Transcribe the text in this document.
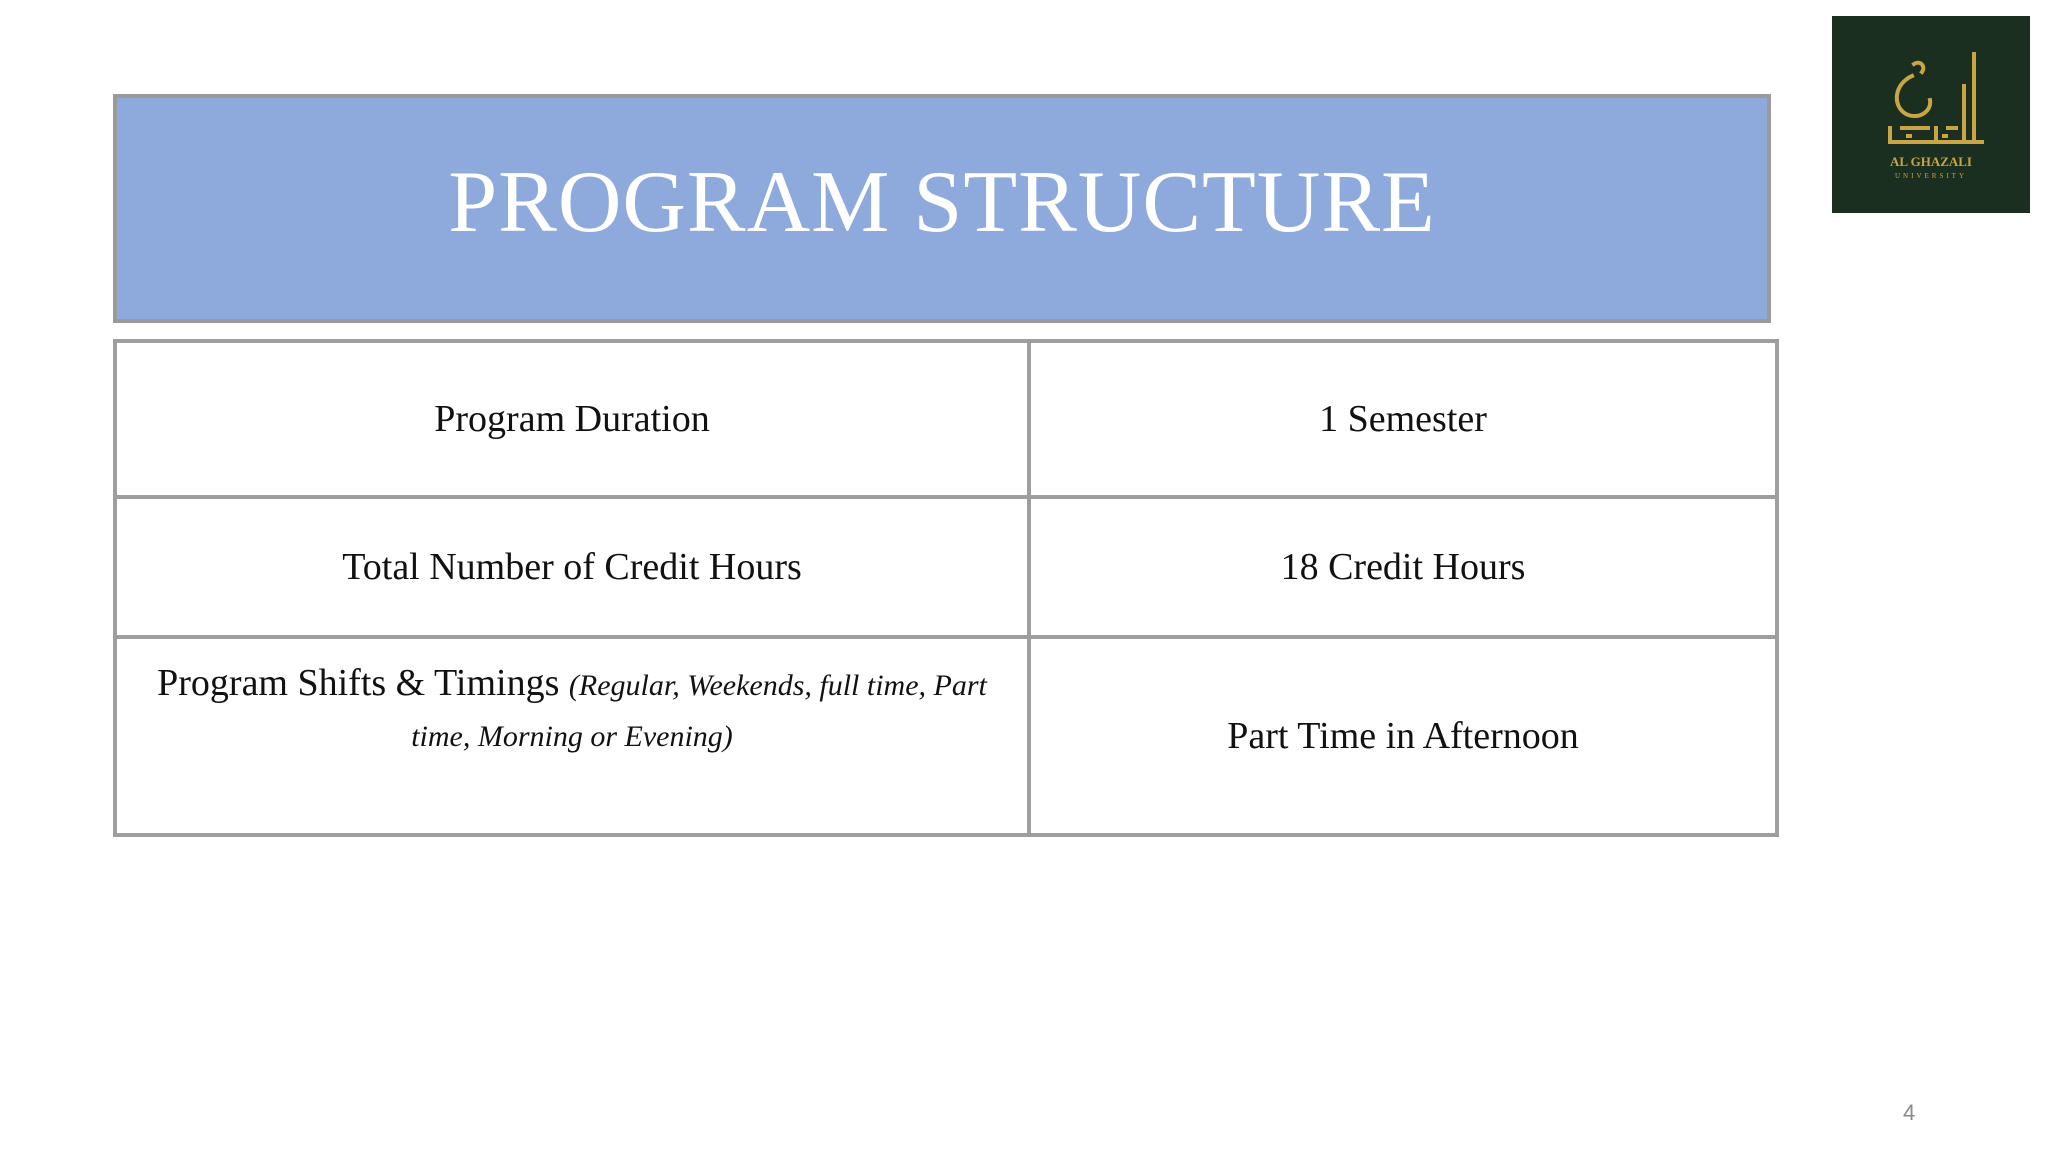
PROGRAM STRUCTURE	AL GHAZALI
UNIVERSITY
Program Duration	1 Semester
Total Number of Credit Hours	18 Credit Hours
Program Shifts & Timings (Regular, Weekends, full time, Part time, Morning or Evening)	Part Time in Afternoon
4
